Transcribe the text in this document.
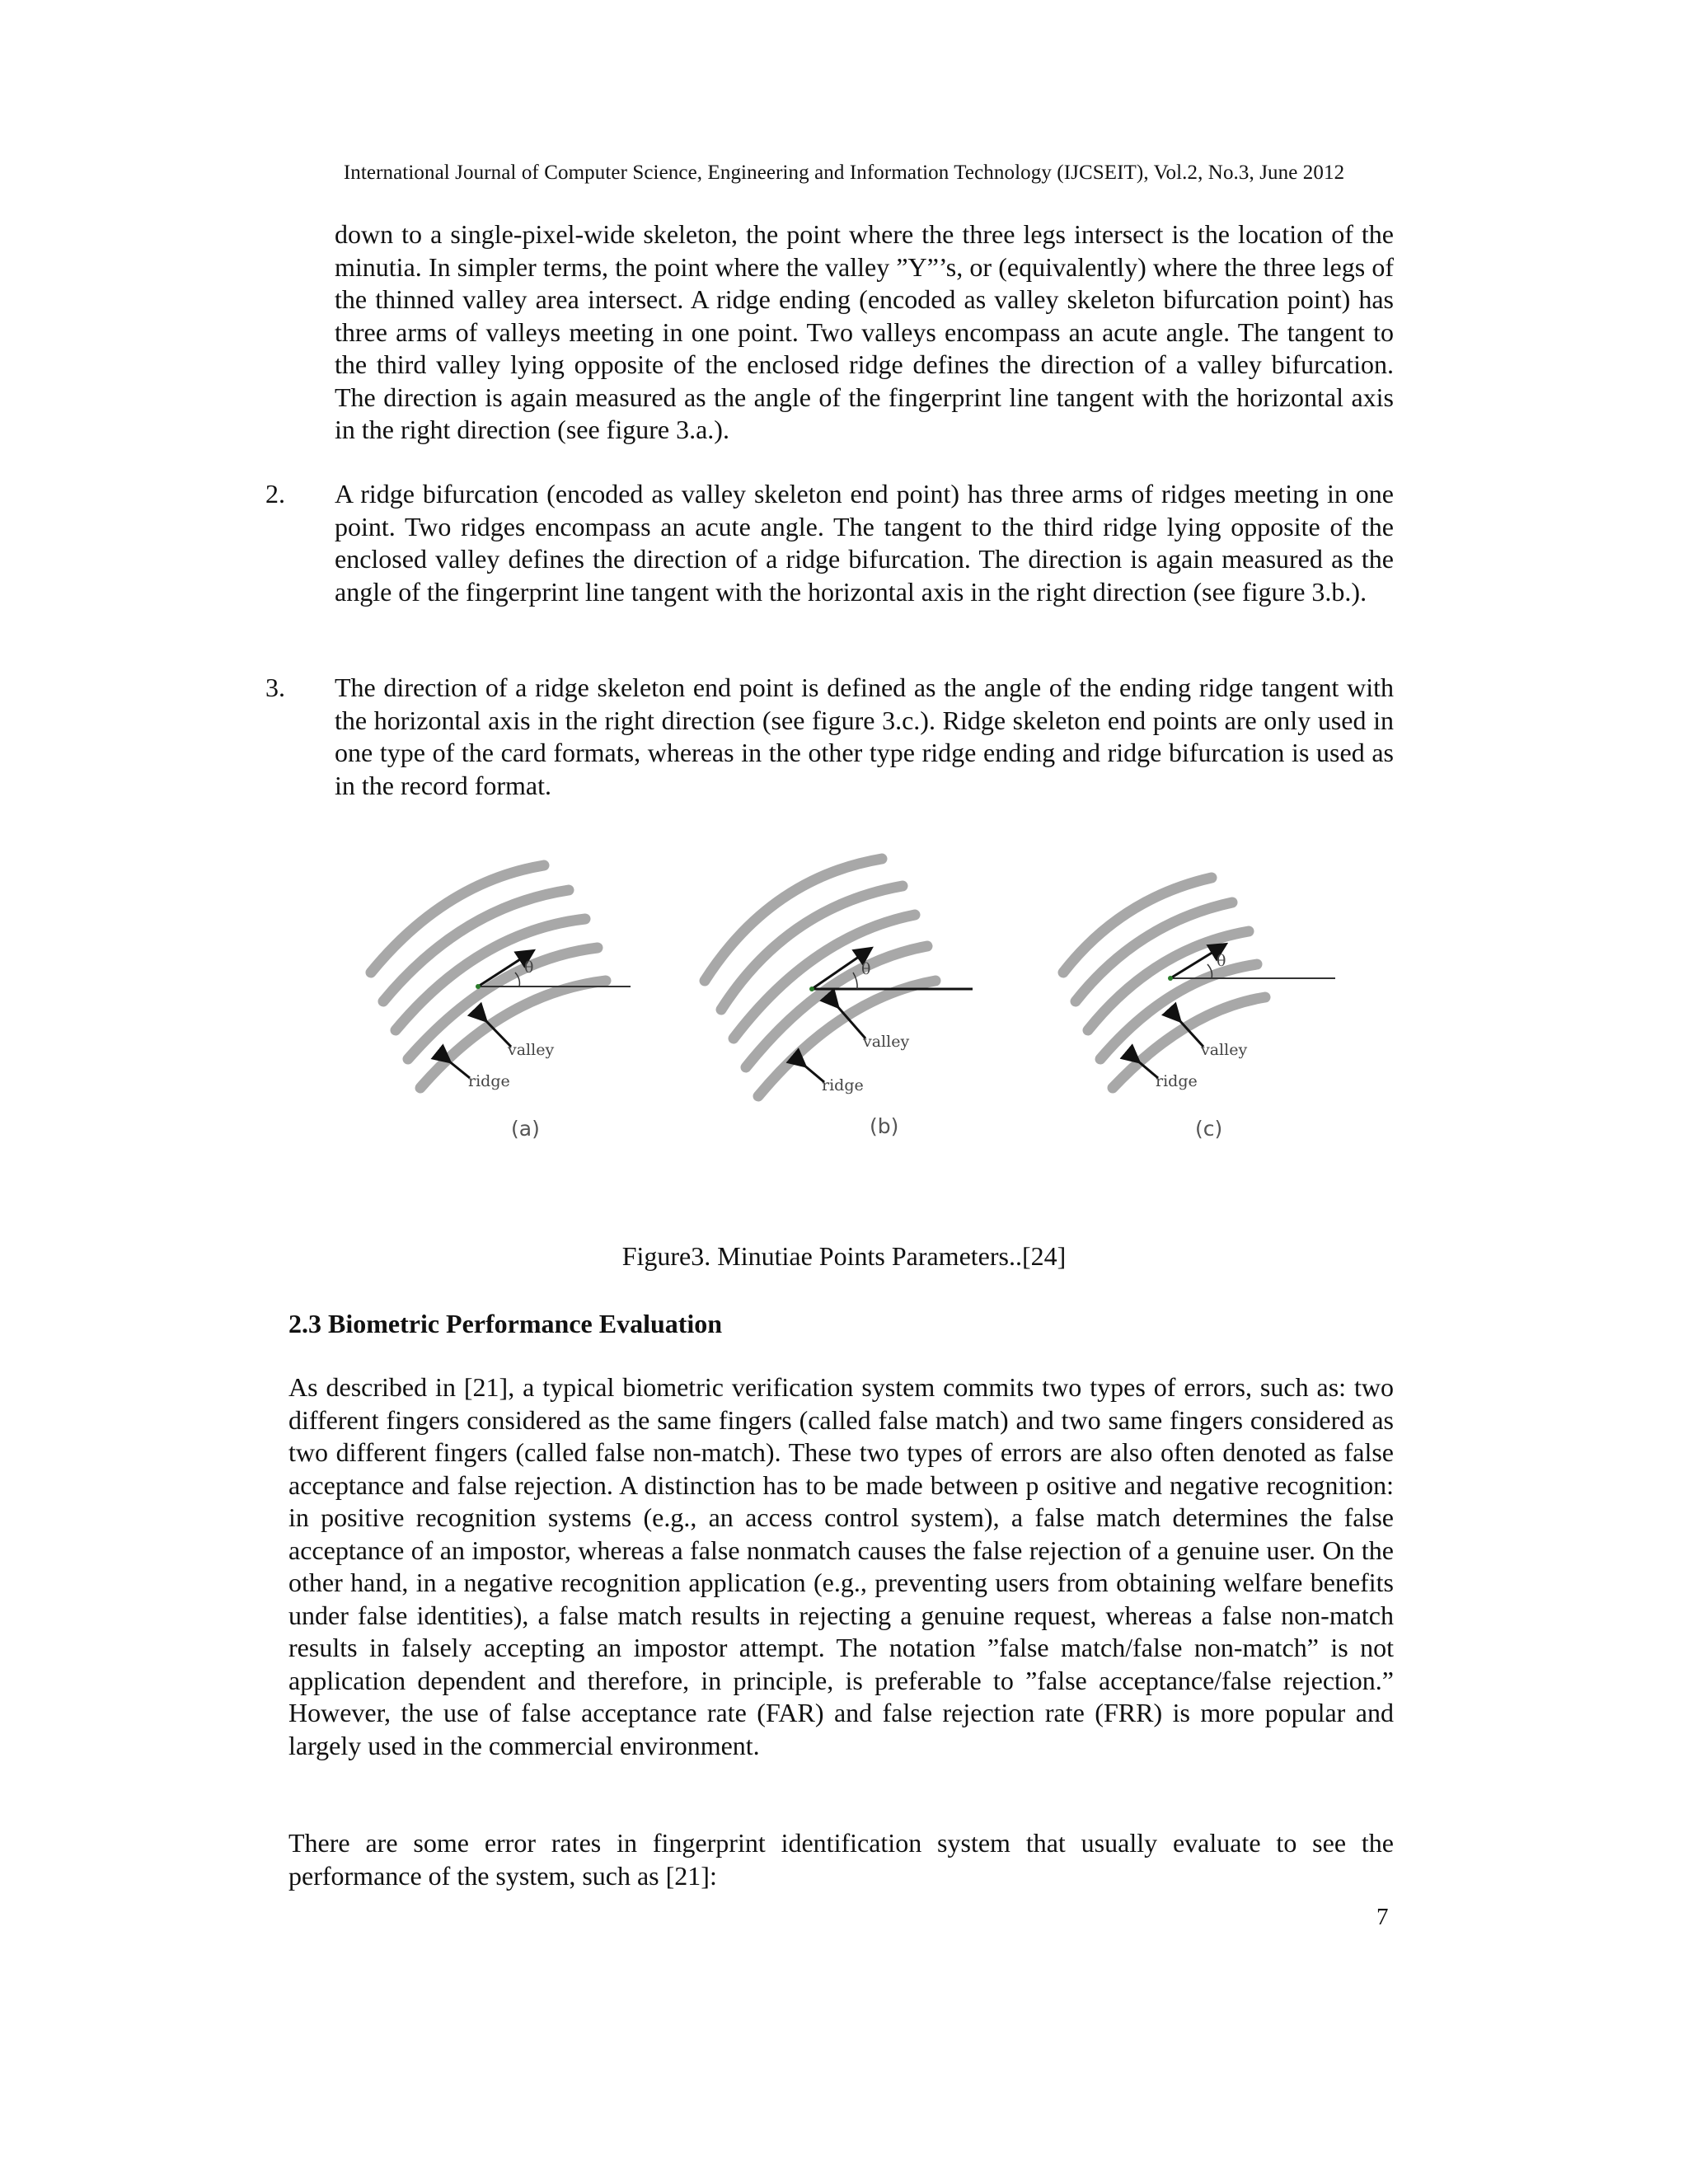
International Journal of Computer Science, Engineering and Information Technology (IJCSEIT), Vol.2, No.3, June 2012

down to a single-pixel-wide skeleton, the point where the three legs intersect is the location of the minutia. In simpler terms, the point where the valley ”Y”’s, or (equivalently) where the three legs of the thinned valley area intersect. A ridge ending (encoded as valley skeleton bifurcation point) has three arms of valleys meeting in one point. Two valleys encompass an acute angle. The tangent to the third valley lying opposite of the enclosed ridge defines the direction of a valley bifurcation. The direction is again measured as the angle of the fingerprint line tangent with the horizontal axis in the right direction (see figure 3.a.).

2. A ridge bifurcation (encoded as valley skeleton end point) has three arms of ridges meeting in one point. Two ridges encompass an acute angle. The tangent to the third ridge lying opposite of the enclosed valley defines the direction of a ridge bifurcation. The direction is again measured as the angle of the fingerprint line tangent with the horizontal axis in the right direction (see figure 3.b.).

3. The direction of a ridge skeleton end point is defined as the angle of the ending ridge tangent with the horizontal axis in the right direction (see figure 3.c.). Ridge skeleton end points are only used in one type of the card formats, whereas in the other type ridge ending and ridge bifurcation is used as in the record format.

θ
valley
ridge
(a)
θ
valley
ridge
(b)
θ
valley
ridge
(c)
Figure3. Minutiae Points Parameters..[24]
2.3 Biometric Performance Evaluation

As described in [21], a typical biometric verification system commits two types of errors, such as: two different fingers considered as the same fingers (called false match) and two same fingers considered as two different fingers (called false non-match). These two types of errors are also often denoted as false acceptance and false rejection. A distinction has to be made between p ositive and negative recognition: in positive recognition systems (e.g., an access control system), a false match determines the false acceptance of an impostor, whereas a false nonmatch causes the false rejection of a genuine user. On the other hand, in a negative recognition application (e.g., preventing users from obtaining welfare benefits under false identities), a false match results in rejecting a genuine request, whereas a false non-match results in falsely accepting an impostor attempt. The notation ”false match/false non-match” is not application dependent and therefore, in principle, is preferable to ”false acceptance/false rejection.” However, the use of false acceptance rate (FAR) and false rejection rate (FRR) is more popular and largely used in the commercial environment.

There are some error rates in fingerprint identification system that usually evaluate to see the performance of the system, such as [21]:

7
